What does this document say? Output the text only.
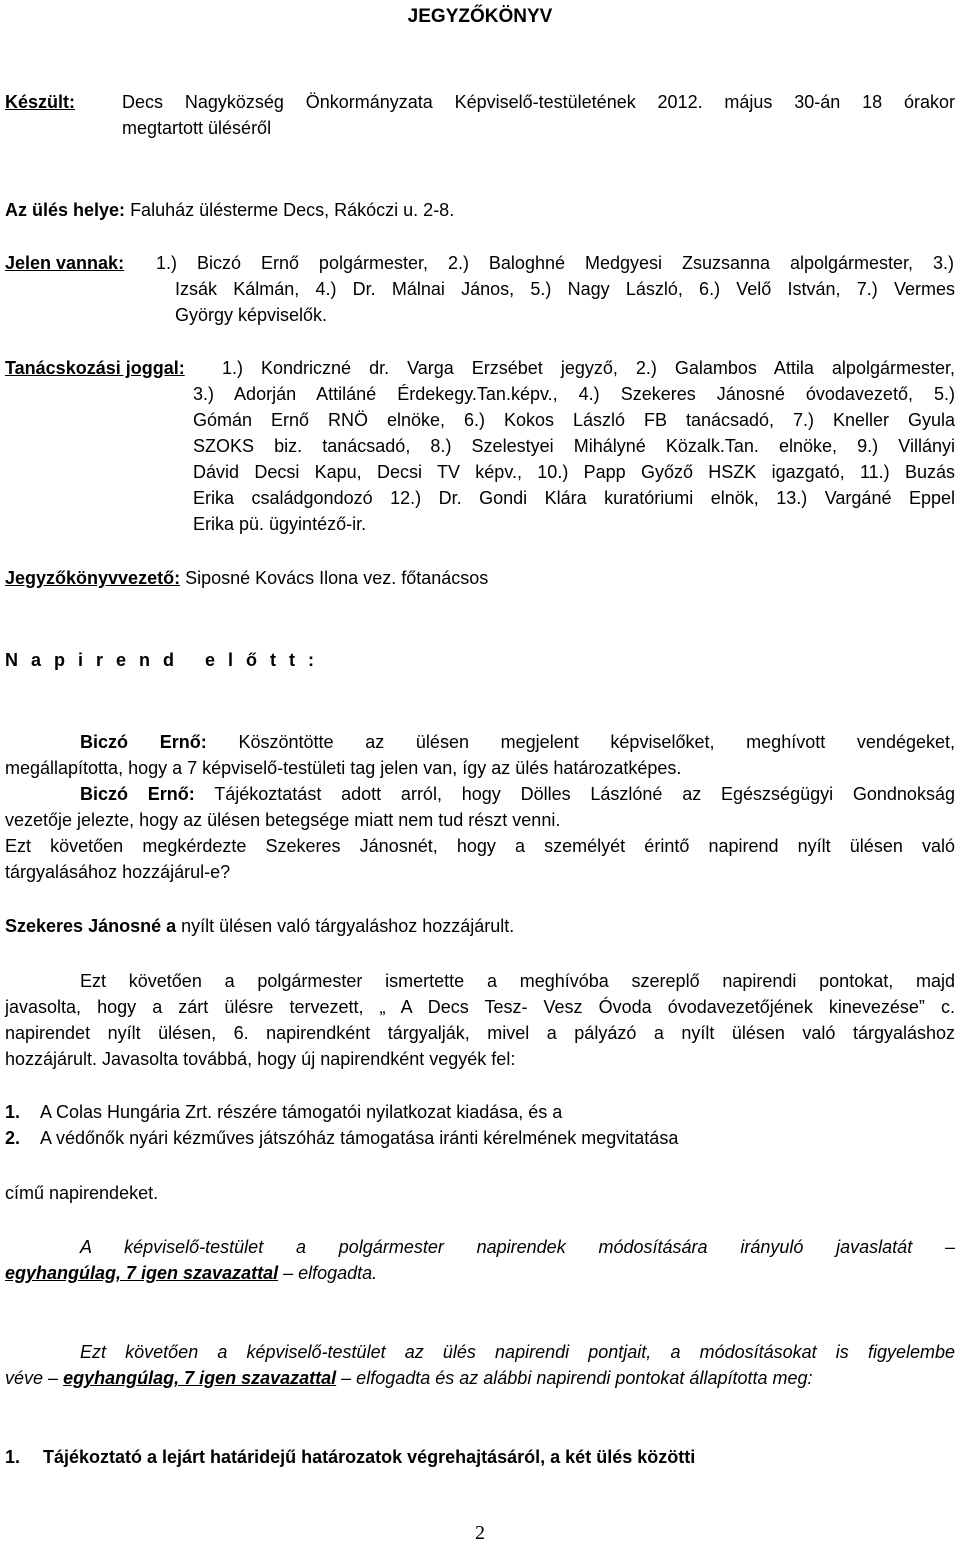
JEGYZŐKÖNYV
Készült:	Decs Nagyközség Önkormányzata Képviselő-testületének 2012. május 30-án 18 órakor
megtartott üléséről
Az ülés helye: Faluház ülésterme Decs, Rákóczi u. 2-8.
Jelen vannak: 1.) Biczó Ernő polgármester, 2.) Baloghné Medgyesi Zsuzsanna alpolgármester, 3.)
Izsák Kálmán, 4.) Dr. Málnai János, 5.) Nagy László, 6.) Velő István, 7.) Vermes
György képviselők.
Tanácskozási joggal: 1.) Kondriczné dr. Varga Erzsébet jegyző, 2.) Galambos Attila alpolgármester,
3.) Adorján Attiláné Érdekegy.Tan.képv., 4.) Szekeres Jánosné óvodavezető, 5.)
Gómán Ernő RNÖ elnöke, 6.) Kokos László FB tanácsadó, 7.) Kneller Gyula
SZOKS biz. tanácsadó, 8.) Szelestyei Mihályné Közalk.Tan. elnöke, 9.) Villányi
Dávid Decsi Kapu, Decsi TV képv., 10.) Papp Győző HSZK igazgató, 11.) Buzás
Erika családgondozó 12.) Dr. Gondi Klára kuratóriumi elnök, 13.) Vargáné Eppel
Erika pü. ügyintéző-ir.
Jegyzőkönyvvezető: Siposné Kovács Ilona vez. főtanácsos
N a p i r e n d   e l ő t t :
Biczó Ernő: Köszöntötte az ülésen megjelent képviselőket, meghívott vendégeket,
megállapította, hogy a 7 képviselő-testületi tag jelen van, így az ülés határozatképes.
Biczó Ernő: Tájékoztatást adott arról, hogy Dölles Lászlóné az Egészségügyi Gondnokság
vezetője jelezte, hogy az ülésen betegsége miatt nem tud részt venni.
Ezt követően megkérdezte Szekeres Jánosnét, hogy a személyét érintő napirend nyílt ülésen való
tárgyalásához hozzájárul-e?
Szekeres Jánosné a nyílt ülésen való tárgyaláshoz hozzájárult.
Ezt követően a polgármester ismertette a meghívóba szereplő napirendi pontokat, majd
javasolta, hogy a zárt ülésre tervezett, „ A Decs Tesz- Vesz Óvoda óvodavezetőjének kinevezése” c.
napirendet nyílt ülésen, 6. napirendként tárgyalják, mivel a pályázó a nyílt ülésen való tárgyaláshoz
hozzájárult. Javasolta továbbá, hogy új napirendként vegyék fel:
1. A Colas Hungária Zrt. részére támogatói nyilatkozat kiadása, és a
2. A védőnők nyári kézműves játszóház támogatása iránti kérelmének megvitatása
című napirendeket.
A képviselő-testület a polgármester napirendek módosítására irányuló javaslatát –
egyhangúlag, 7 igen szavazattal – elfogadta.
Ezt követően a képviselő-testület az ülés napirendi pontjait, a módosításokat is figyelembe
véve – egyhangúlag, 7 igen szavazattal – elfogadta és az alábbi napirendi pontokat állapította meg:
1. Tájékoztató a lejárt határidejű határozatok végrehajtásáról, a két ülés közötti
2
